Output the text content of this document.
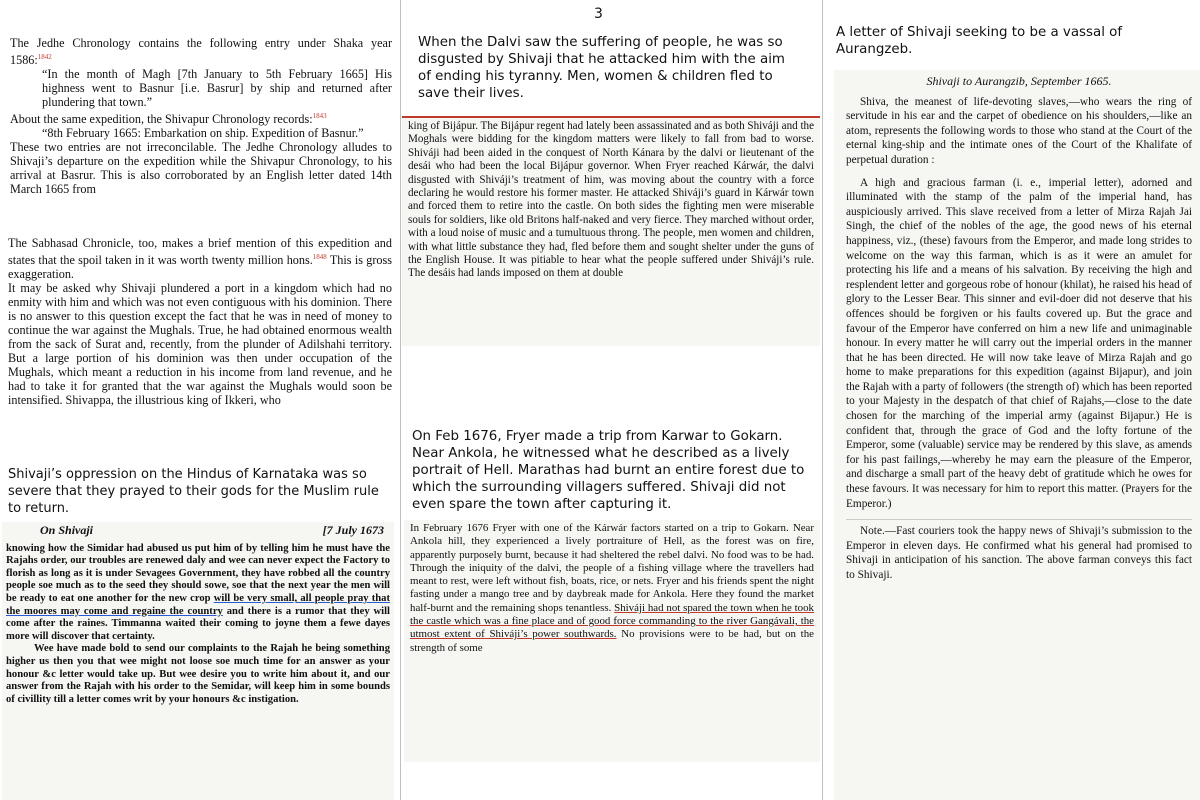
The Jedhe Chronology contains the following entry under Shaka year 1586:$^{1842}$

“In the month of Magh [7th January to 5th February 1665] His highness went to Basnur [i.e. Basrur] by ship and returned after plundering that town.”

About the same expedition, the Shivapur Chronology records:$^{1843}$

“8th February 1665: Embarkation on ship. Expedition of Basnur.”

These two entries are not irreconcilable. The Jedhe Chronology alludes to Shivaji’s departure on the expedition while the Shivapur Chronology, to his arrival at Basrur. This is also corroborated by an English letter dated 14th March 1665 from

The Sabhasad Chronicle, too, makes a brief mention of this expedition and states that the spoil taken in it was worth twenty million hons.$^{1848}$ This is gross exaggeration.

It may be asked why Shivaji plundered a port in a kingdom which had no enmity with him and which was not even contiguous with his dominion. There is no answer to this question except the fact that he was in need of money to continue the war against the Mughals. True, he had obtained enormous wealth from the sack of Surat and, recently, from the plunder of Adilshahi territory. But a large portion of his dominion was then under occupation of the Mughals, which meant a reduction in his income from land revenue, and he had to take it for granted that the war against the Mughals would soon be intensified. Shivappa, the illustrious king of Ikkeri, who

Shivaji’s oppression on the Hindus of Karnataka was so severe that they prayed to their gods for the Muslim rule to return.
On Shivaji	[7 July 1673

knowing how the Simidar had abused us put him of by telling him he must have the Rajahs order, our troubles are renewed daly and wee can never expect the Factory to florish as long as it is under Sevagees Government, they have robbed all the country people soe much as to the seed they should sowe, soe that the next year the men will be ready to eat one another for the new crop will be very small, all people pray that the moores may come and regaine the country and there is a rumor that they will come after the raines. Timmanna waited their coming to joyne them a fewe dayes more will discover that certainty.

Wee have made bold to send our complaints to the Rajah he being something higher us then you that wee might not loose soe much time for an answer as your honour &c letter would take up. But wee desire you to write him about it, and our answer from the Rajah with his order to the Semidar, will keep him in some bounds of civillity till a letter comes writ by your honours &c instigation.

3
When the Dalvi saw the suffering of people, he was so disgusted by Shivaji that he attacked him with the aim of ending his tyranny. Men, women & children fled to save their lives.

king of Bijápur. The Bijápur regent had lately been assassinated and as both Shiváji and the Moghals were bidding for the kingdom matters were likely to fall from bad to worse. Shiváji had been aided in the conquest of North Kánara by the dalvi or lieutenant of the desái who had been the local Bijápur governor. When Fryer reached Kárwár, the dalvi disgusted with Shiváji’s treatment of him, was moving about the country with a force declaring he would restore his former master. He attacked Shiváji’s guard in Kárwár town and forced them to retire into the castle. On both sides the fighting men were miserable souls for soldiers, like old Britons half-naked and very fierce. They marched without order, with a loud noise of music and a tumultuous throng. The people, men women and children, with what little substance they had, fled before them and sought shelter under the guns of the English House. It was pitiable to hear what the people suffered under Shiváji’s rule. The desáis had lands imposed on them at double

On Feb 1676, Fryer made a trip from Karwar to Gokarn. Near Ankola, he witnessed what he described as a lively portrait of Hell. Marathas had burnt an entire forest due to which the surrounding villagers suffered. Shivaji did not even spare the town after capturing it.

In February 1676 Fryer with one of the Kárwár factors started on a trip to Gokarn. Near Ankola hill, they experienced a lively portraiture of Hell, as the forest was on fire, apparently purposely burnt, because it had sheltered the rebel dalvi. No food was to be had. Through the iniquity of the dalvi, the people of a fishing village where the travellers had meant to rest, were left without fish, boats, rice, or nets. Fryer and his friends spent the night fasting under a mango tree and by daybreak made for Ankola. Here they found the market half-burnt and the remaining shops tenantless. Shiváji had not spared the town when he took the castle which was a fine place and of good force commanding to the river Gangávali, the utmost extent of Shiváji’s power southwards. No provisions were to be had, but on the strength of some

A letter of Shivaji seeking to be a vassal of Aurangzeb.
Shivaji to Aurangzib, September 1665.

Shiva, the meanest of life-devoting slaves,—who wears the ring of servitude in his ear and the carpet of obedience on his shoulders,—like an atom, represents the following words to those who stand at the Court of the eternal king-ship and the intimate ones of the Court of the Khalifate of perpetual duration :

A high and gracious farman (i. e., imperial letter), adorned and illuminated with the stamp of the palm of the imperial hand, has auspiciously arrived. This slave received from a letter of Mirza Rajah Jai Singh, the chief of the nobles of the age, the good news of his eternal happiness, viz., (these) favours from the Emperor, and made long strides to welcome on the way this farman, which is as it were an amulet for protecting his life and a means of his salvation. By receiving the high and resplendent letter and gorgeous robe of honour (khilat), he raised his head of glory to the Lesser Bear. This sinner and evil-doer did not deserve that his offences should be forgiven or his faults covered up. But the grace and favour of the Emperor have conferred on him a new life and unimaginable honour. In every matter he will carry out the imperial orders in the manner that he has been directed. He will now take leave of Mirza Rajah and go home to make preparations for this expedition (against Bijapur), and join the Rajah with a party of followers (the strength of) which has been reported to your Majesty in the despatch of that chief of Rajahs,—close to the date chosen for the marching of the imperial army (against Bijapur.) He is confident that, through the grace of God and the lofty fortune of the Emperor, some (valuable) service may be rendered by this slave, as amends for his past failings,—whereby he may earn the pleasure of the Emperor, and discharge a small part of the heavy debt of gratitude which he owes for these favours. It was necessary for him to report this matter. (Prayers for the Emperor.)

Note.—Fast couriers took the happy news of Shivaji’s submission to the Emperor in eleven days. He confirmed what his general had promised to Shivaji in anticipation of his sanction. The above farman conveys this fact to Shivaji.
